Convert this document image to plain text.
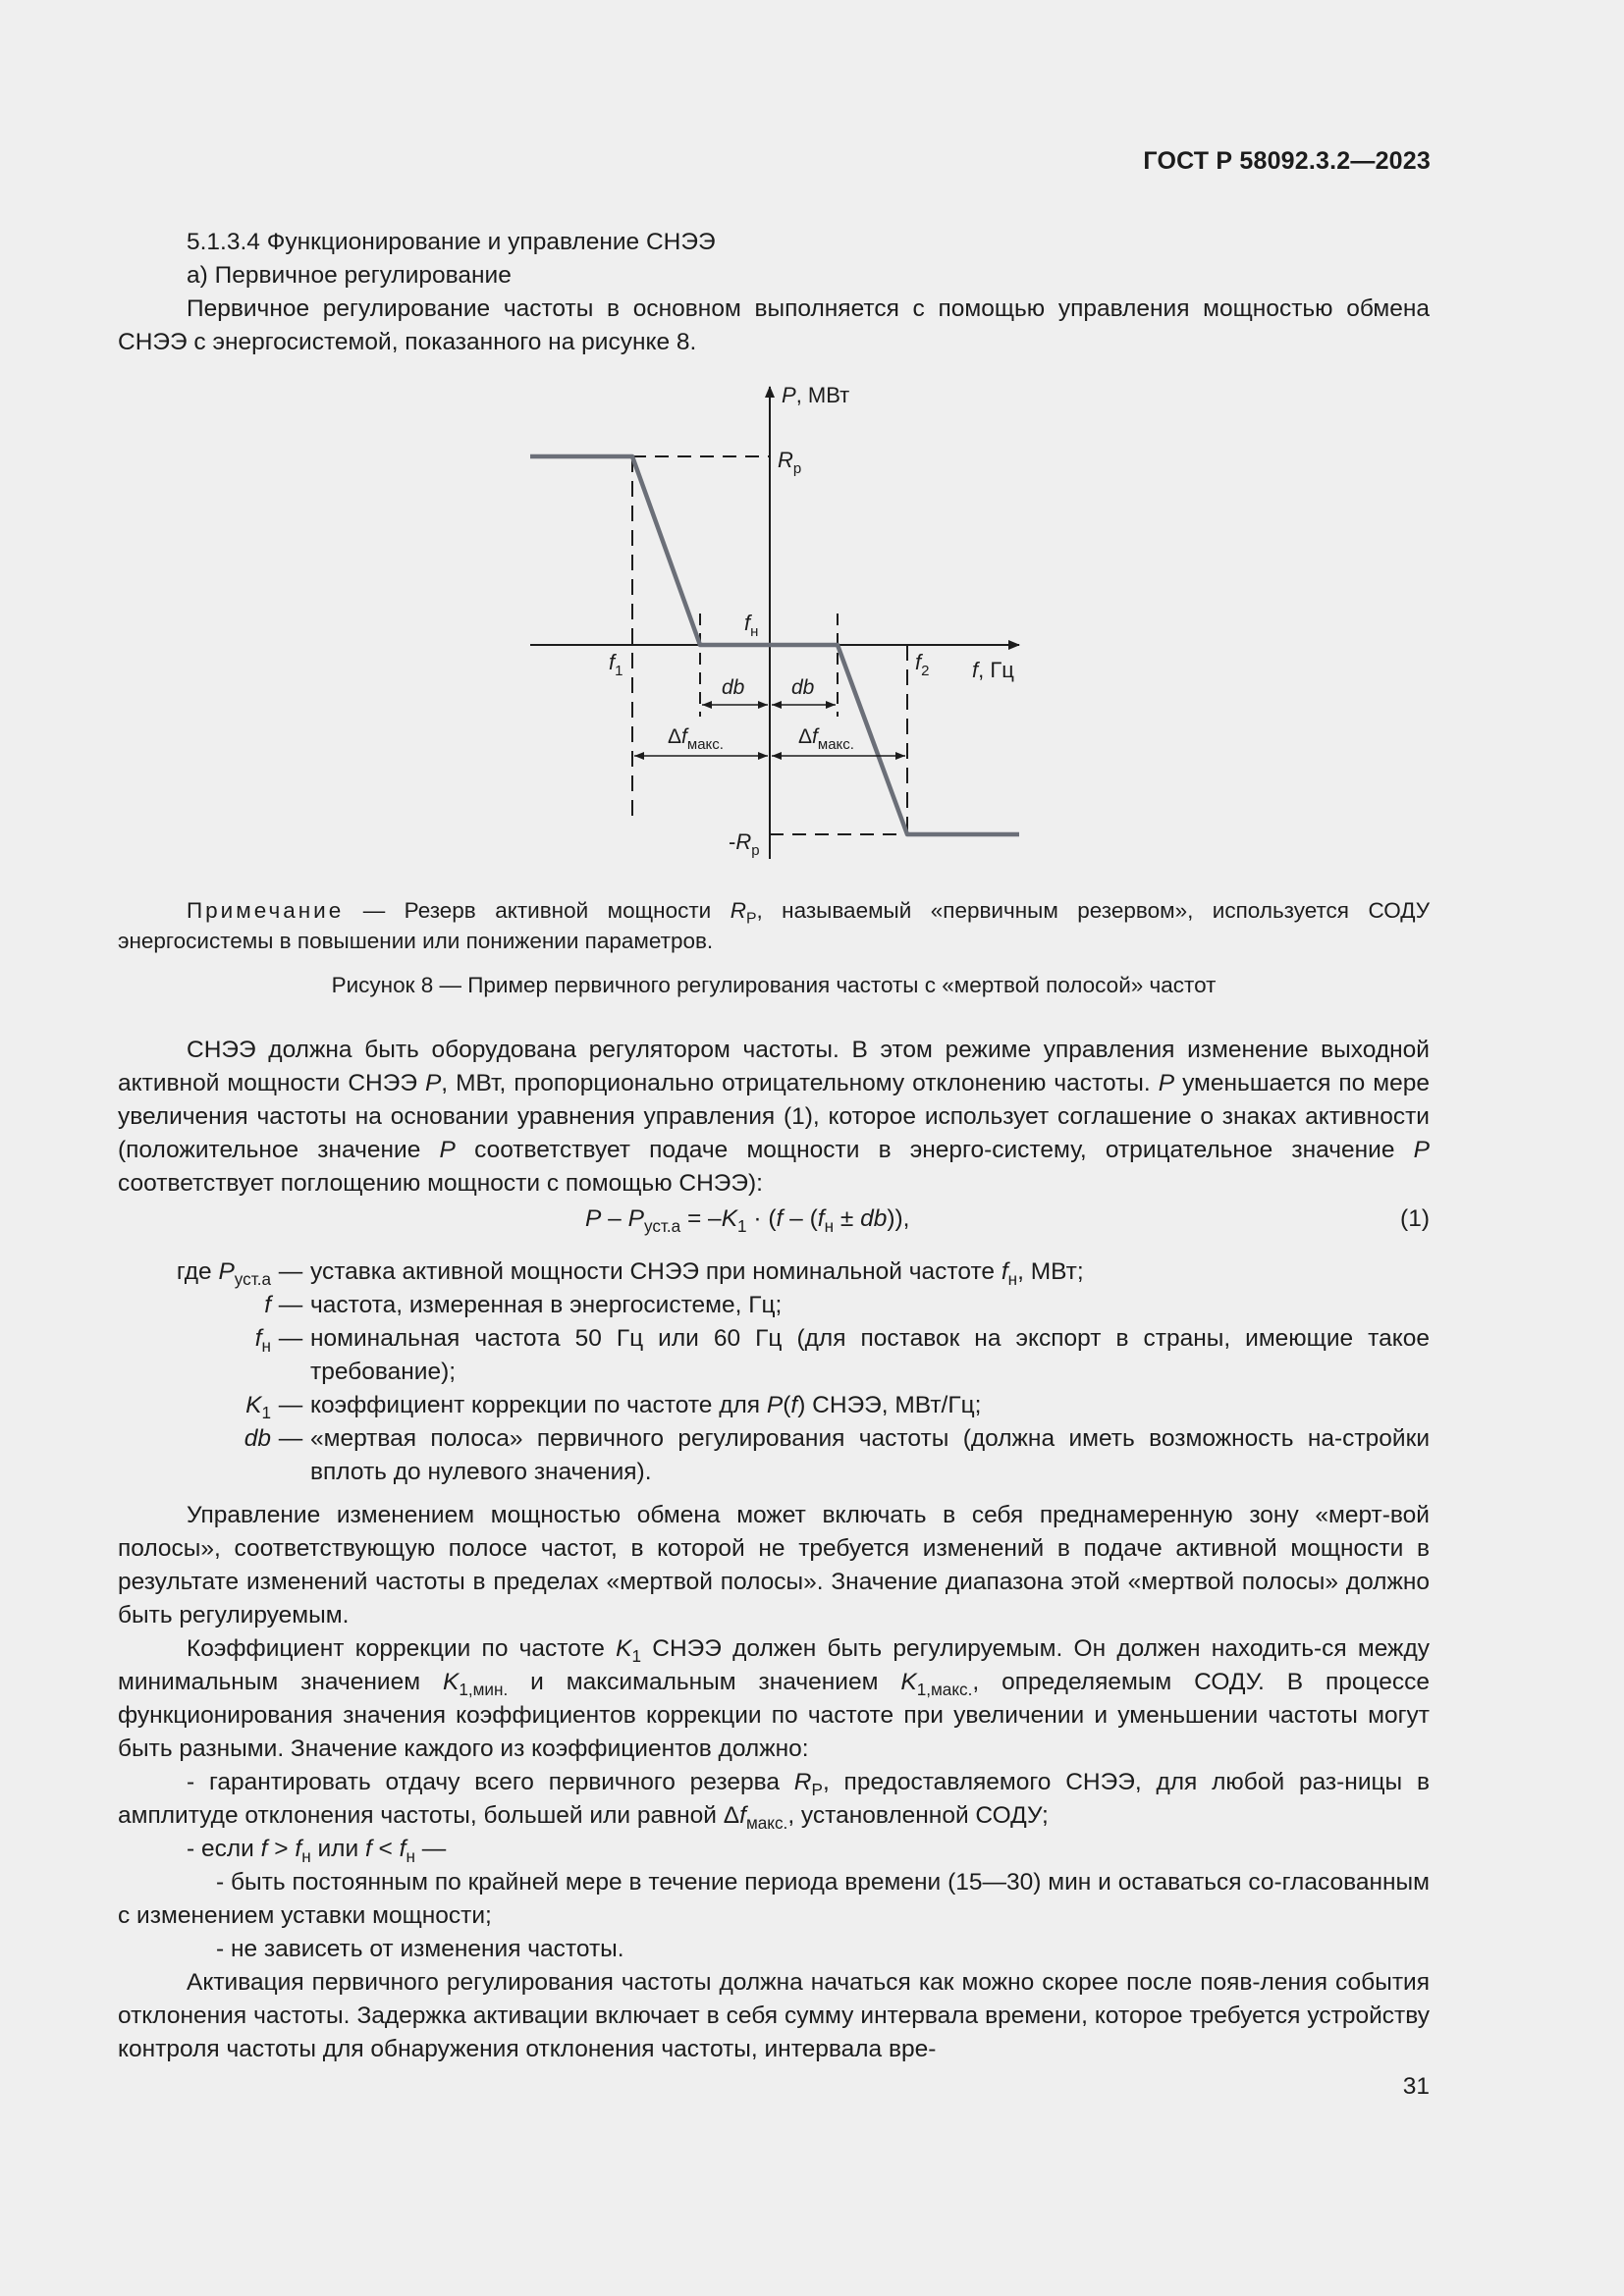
ГОСТ Р 58092.3.2—2023
5.1.3.4 Функционирование и управление СНЭЭ
а) Первичное регулирование
Первичное регулирование частоты в основном выполняется с помощью управления мощностью обмена СНЭЭ с энергосистемой, показанного на рисунке 8.
P, МВт
f, Гц
$R_р$
$-R_р$
$f_н$
$f_1$	$f_2$
db db
$\Delta f_{макс.}$	$\Delta f_{макс.}$
Примечание — Резерв активной мощности $R_P$, называемый «первичным резервом», используется СОДУ энергосистемы в повышении или понижении параметров.
Рисунок 8 — Пример первичного регулирования частоты с «мертвой полосой» частот
СНЭЭ должна быть оборудована регулятором частоты. В этом режиме управления изменение выходной активной мощности СНЭЭ P, МВт, пропорционально отрицательному отклонению частоты. P уменьшается по мере увеличения частоты на основании уравнения управления (1), которое использует соглашение о знаках активности (положительное значение P соответствует подаче мощности в энерго-систему, отрицательное значение P соответствует поглощению мощности с помощью СНЭЭ):
$P - P_{уст.а} = -K_1 \cdot (f - (f_н \pm db))$,	(1)
где $P_{уст.а}$ — уставка активной мощности СНЭЭ при номинальной частоте $f_н$, МВт;
f — частота, измеренная в энергосистеме, Гц;
$f_н$ — номинальная частота 50 Гц или 60 Гц (для поставок на экспорт в страны, имеющие такое требование);
$K_1$ — коэффициент коррекции по частоте для P(f) СНЭЭ, МВт/Гц;
db — «мертвая полоса» первичного регулирования частоты (должна иметь возможность на-стройки вплоть до нулевого значения).
Управление изменением мощностью обмена может включать в себя преднамеренную зону «мерт-вой полосы», соответствующую полосе частот, в которой не требуется изменений в подаче активной мощности в результате изменений частоты в пределах «мертвой полосы». Значение диапазона этой «мертвой полосы» должно быть регулируемым.
Коэффициент коррекции по частоте $K_1$ СНЭЭ должен быть регулируемым. Он должен находить-ся между минимальным значением $K_{1,мин.}$ и максимальным значением $K_{1,макс.}$, определяемым СОДУ. В процессе функционирования значения коэффициентов коррекции по частоте при увеличении и уменьшении частоты могут быть разными. Значение каждого из коэффициентов должно:
- гарантировать отдачу всего первичного резерва $R_P$, предоставляемого СНЭЭ, для любой раз-ницы в амплитуде отклонения частоты, большей или равной $\Delta f_{макс.}$, установленной СОДУ;
- если $f > f_н$ или $f < f_н$ —
- быть постоянным по крайней мере в течение периода времени (15—30) мин и оставаться со-гласованным с изменением уставки мощности;
- не зависеть от изменения частоты.
Активация первичного регулирования частоты должна начаться как можно скорее после появ-ления события отклонения частоты. Задержка активации включает в себя сумму интервала времени, которое требуется устройству контроля частоты для обнаружения отклонения частоты, интервала вре-
31
